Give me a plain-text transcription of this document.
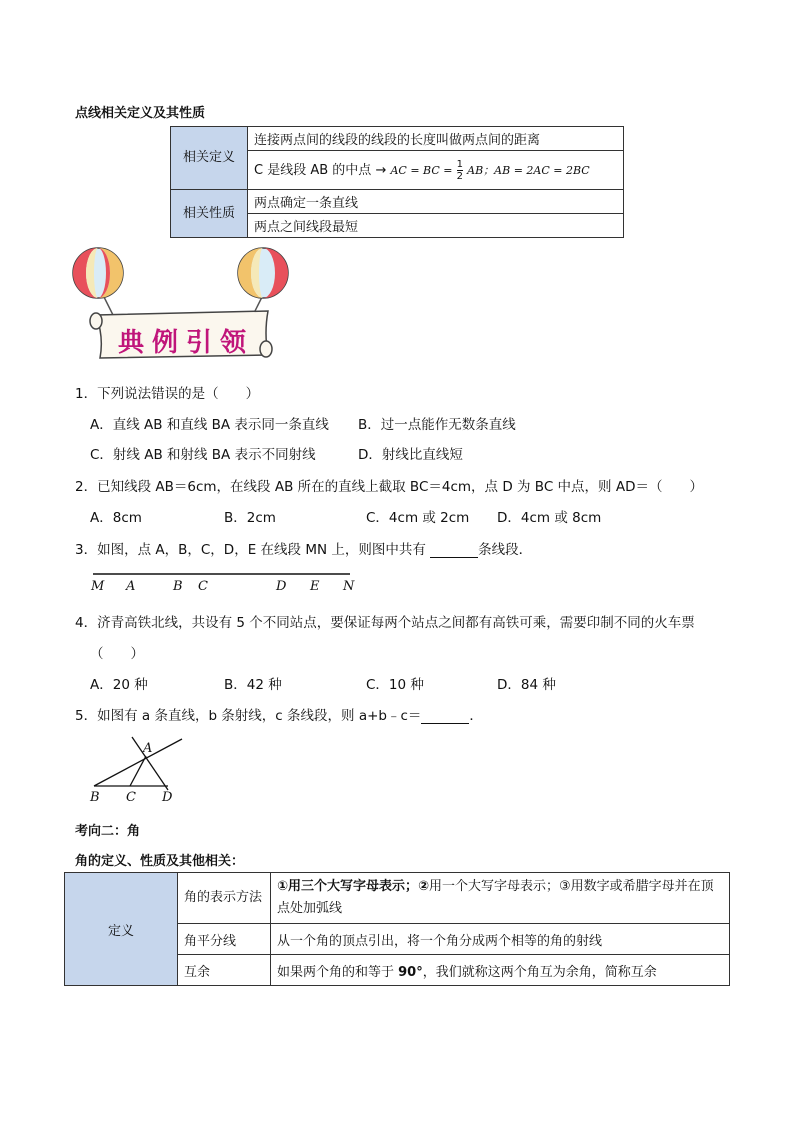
点线相关定义及其性质
相关定义	连接两点间的线段的线段的长度叫做两点间的距离
	C 是线段 AB 的中点 → AC = BC = $\frac{1}{2}$ AB；AB = 2AC = 2BC
相关性质	两点确定一条直线
	两点之间线段最短
典例引领
1．下列说法错误的是（　　）
A．直线 AB 和直线 BA 表示同一条直线 B．过一点能作无数条直线
C．射线 AB 和射线 BA 表示不同射线	D．射线比直线短
2．已知线段 AB＝6cm，在线段 AB 所在的直线上截取 BC＝4cm，点 D 为 BC 中点，则 AD＝（　　）
A．8cm	B．2cm	C．4cm 或 2cm D．4cm 或 8cm
3．如图，点 A，B，C，D，E 在线段 MN 上，则图中共有	条线段．
M A	B C	D E N
4．济青高铁北线，共设有 5 个不同站点，要保证每两个站点之间都有高铁可乘，需要印制不同的火车票
（　　）
A．20 种	B．42 种	C．10 种	D．84 种
5．如图有 a 条直线，b 条射线，c 条线段，则 a+b﹣c＝	．
A
B C D
考向二：角
角的定义、性质及其他相关：
定义	角的表示方法	①用三个大写字母表示；②用一个大写字母表示；③用数字或希腊字母并在顶点处加弧线
	角平分线	从一个角的顶点引出，将一个角分成两个相等的角的射线
	互余	如果两个角的和等于 90°，我们就称这两个角互为余角，简称互余
